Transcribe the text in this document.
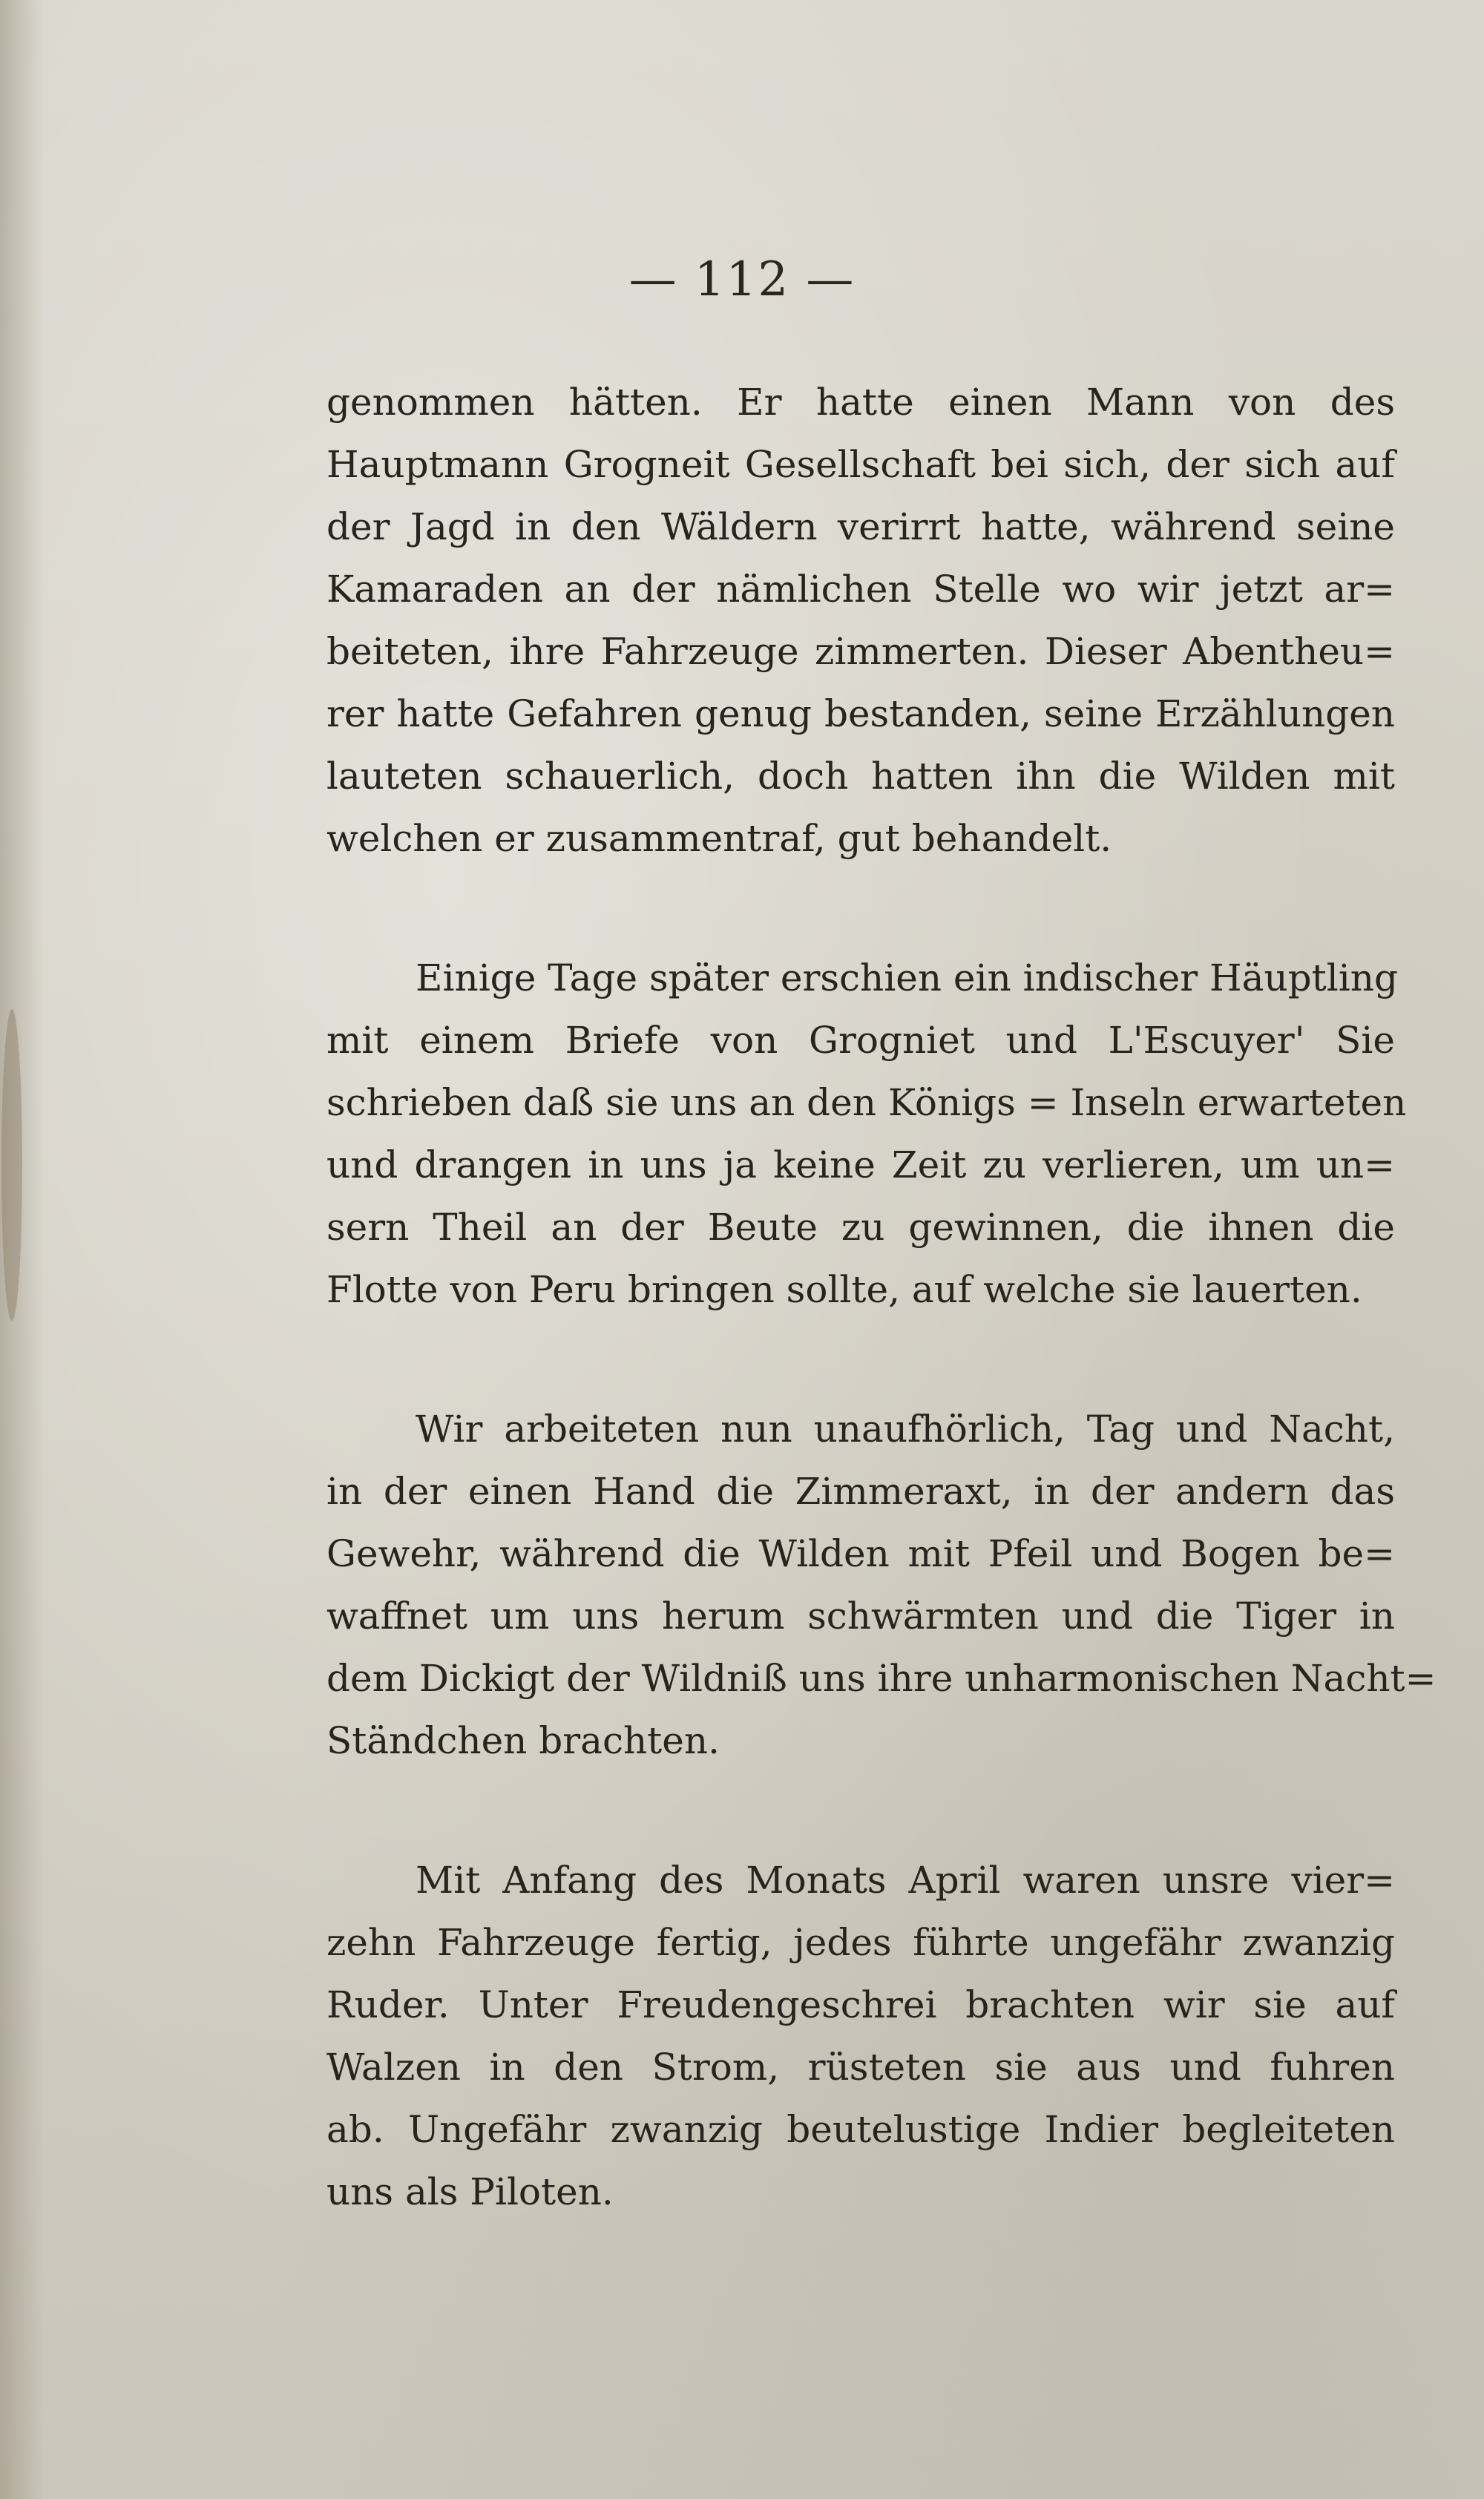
— 112 —
genommen hätten. Er hatte einen Mann von des
Hauptmann Grogneit Gesellschaft bei sich, der sich auf
der Jagd in den Wäldern verirrt hatte, während seine
Kamaraden an der nämlichen Stelle wo wir jetzt ar=
beiteten, ihre Fahrzeuge zimmerten. Dieser Abentheu=
rer hatte Gefahren genug bestanden, seine Erzählungen
lauteten schauerlich, doch hatten ihn die Wilden mit
welchen er zusammentraf, gut behandelt.
Einige Tage später erschien ein indischer Häuptling
mit einem Briefe von Grogniet und L'Escuyer' Sie
schrieben daß sie uns an den Königs = Inseln erwarteten
und drangen in uns ja keine Zeit zu verlieren, um un=
sern Theil an der Beute zu gewinnen, die ihnen die
Flotte von Peru bringen sollte, auf welche sie lauerten.
Wir arbeiteten nun unaufhörlich, Tag und Nacht,
in der einen Hand die Zimmeraxt, in der andern das
Gewehr, während die Wilden mit Pfeil und Bogen be=
waffnet um uns herum schwärmten und die Tiger in
dem Dickigt der Wildniß uns ihre unharmonischen Nacht=
Ständchen brachten.
Mit Anfang des Monats April waren unsre vier=
zehn Fahrzeuge fertig, jedes führte ungefähr zwanzig
Ruder. Unter Freudengeschrei brachten wir sie auf
Walzen in den Strom, rüsteten sie aus und fuhren
ab. Ungefähr zwanzig beutelustige Indier begleiteten
uns als Piloten.
